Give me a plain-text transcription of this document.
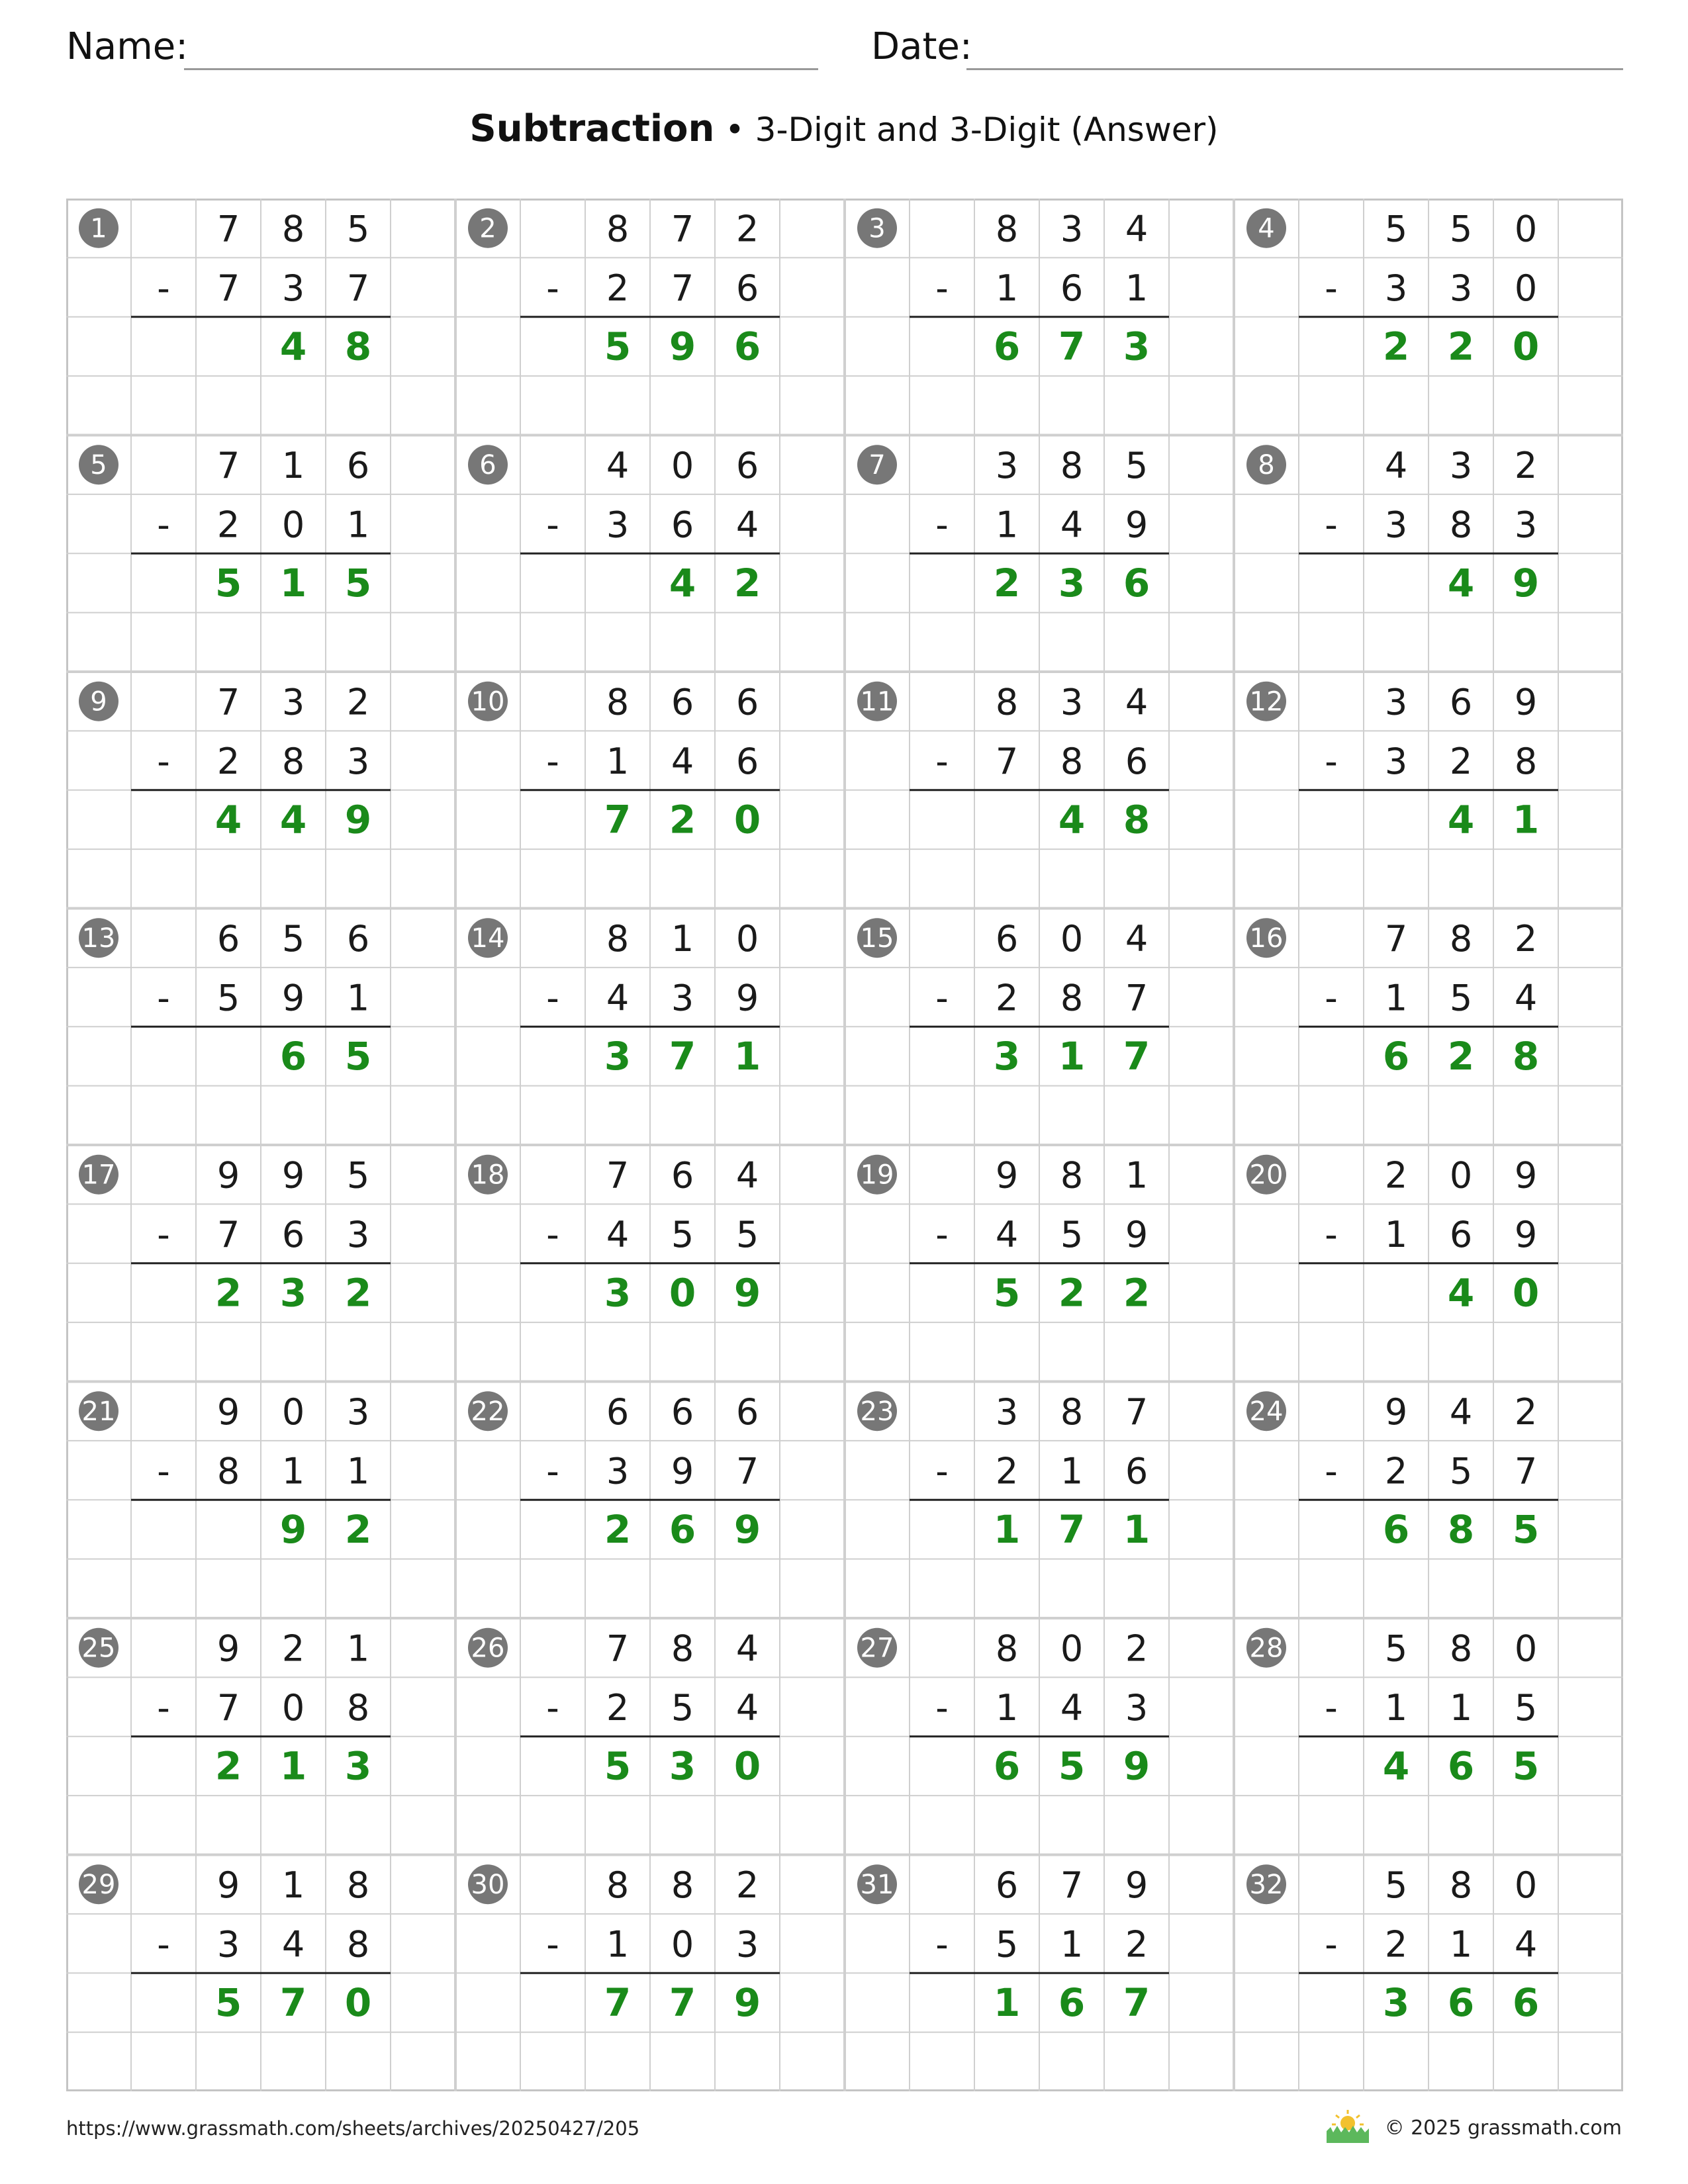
Name:	Date:
Subtraction • 3-Digit and 3-Digit (Answer)
1	7 8 5
- 7 3 7
4 8
2	8 7 2
- 2 7 6
5 9 6
3	8 3 4
- 1 6 1
6 7 3
4	5 5 0
- 3 3 0
2 2 0
5	7 1 6
- 2 0 1
5 1 5
6	4 0 6
- 3 6 4
4 2
7	3 8 5
- 1 4 9
2 3 6
8	4 3 2
- 3 8 3
4 9
9	7 3 2
- 2 8 3
4 4 9
10	8 6 6
- 1 4 6
7 2 0
11	8 3 4
- 7 8 6
4 8
12	3 6 9
- 3 2 8
4 1
13	6 5 6
- 5 9 1
6 5
14	8 1 0
- 4 3 9
3 7 1
15	6 0 4
- 2 8 7
3 1 7
16	7 8 2
- 1 5 4
6 2 8
17	9 9 5
- 7 6 3
2 3 2
18	7 6 4
- 4 5 5
3 0 9
19	9 8 1
- 4 5 9
5 2 2
20	2 0 9
- 1 6 9
4 0
21	9 0 3
- 8 1 1
9 2
22	6 6 6
- 3 9 7
2 6 9
23	3 8 7
- 2 1 6
1 7 1
24	9 4 2
- 2 5 7
6 8 5
25	9 2 1
- 7 0 8
2 1 3
26	7 8 4
- 2 5 4
5 3 0
27	8 0 2
- 1 4 3
6 5 9
28	5 8 0
- 1 1 5
4 6 5
29	9 1 8
- 3 4 8
5 7 0
30	8 8 2
- 1 0 3
7 7 9
31	6 7 9
- 5 1 2
1 6 7
32	5 8 0
- 2 1 4
3 6 6
https://www.grassmath.com/sheets/archives/20250427/205	© 2025 grassmath.com
